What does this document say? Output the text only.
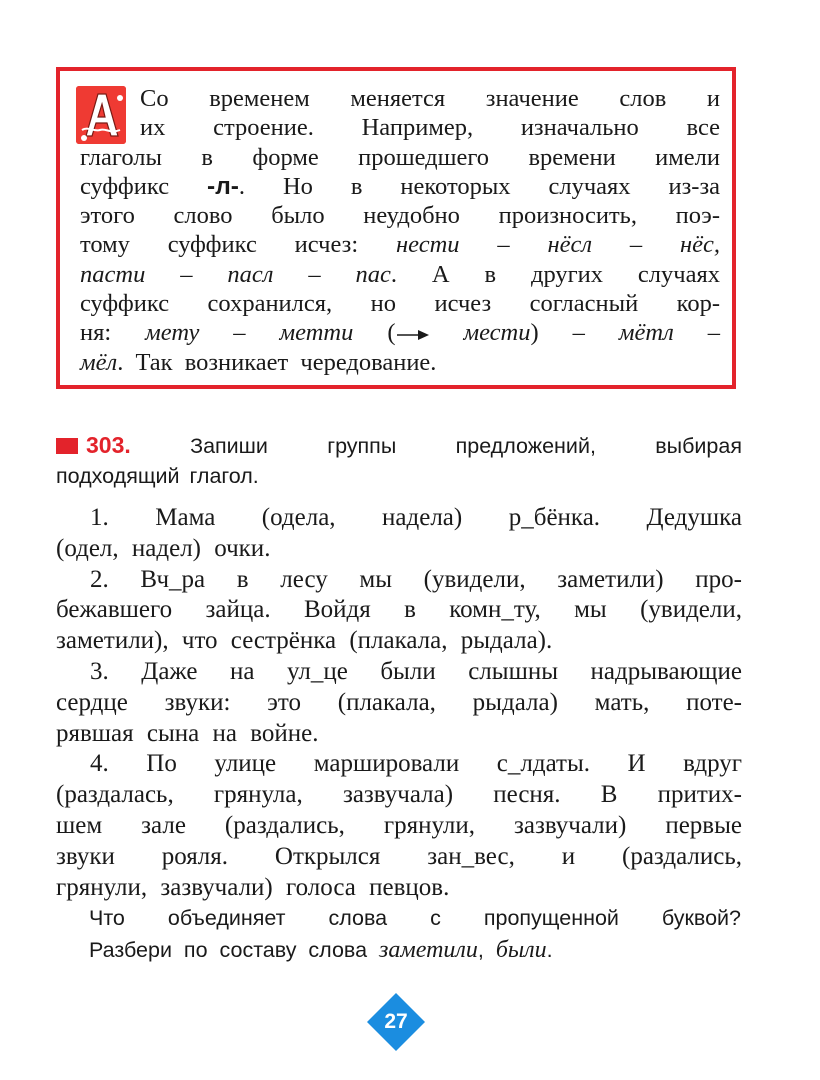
Со временем меняется значение слов и
их строение. Например, изначально все
глаголы в форме прошедшего времени имели
суффикс -л-. Но в некоторых случаях из-за
этого слово было неудобно произносить, поэ-
тому суффикс исчез: нести – нёсл – нёс,
пасти – пасл – пас. А в других случаях
суффикс сохранился, но исчез согласный кор-
ня: мету – метти (	мести) – мётл –
мёл. Так возникает чередование.
303.	Запиши группы предложений, выбирая
подходящий глагол.
1. Мама (одела, надела) р_бёнка. Дедушка
(одел, надел) очки.
2. Вч_ра в лесу мы (увидели, заметили) про-
бежавшего зайца. Войдя в комн_ту, мы (увидели,
заметили), что сестрёнка (плакала, рыдала).
3. Даже на ул_це были слышны надрывающие
сердце звуки: это (плакала, рыдала) мать, поте-
рявшая сына на войне.
4. По улице маршировали с_лдаты. И вдруг
(раздалась, грянула, зазвучала) песня. В притих-
шем зале (раздались, грянули, зазвучали) первые
звуки рояля. Открылся зан_вес, и (раздались,
грянули, зазвучали) голоса певцов.
Что объединяет слова с пропущенной буквой?
Разбери по составу слова заметили, были.
27
